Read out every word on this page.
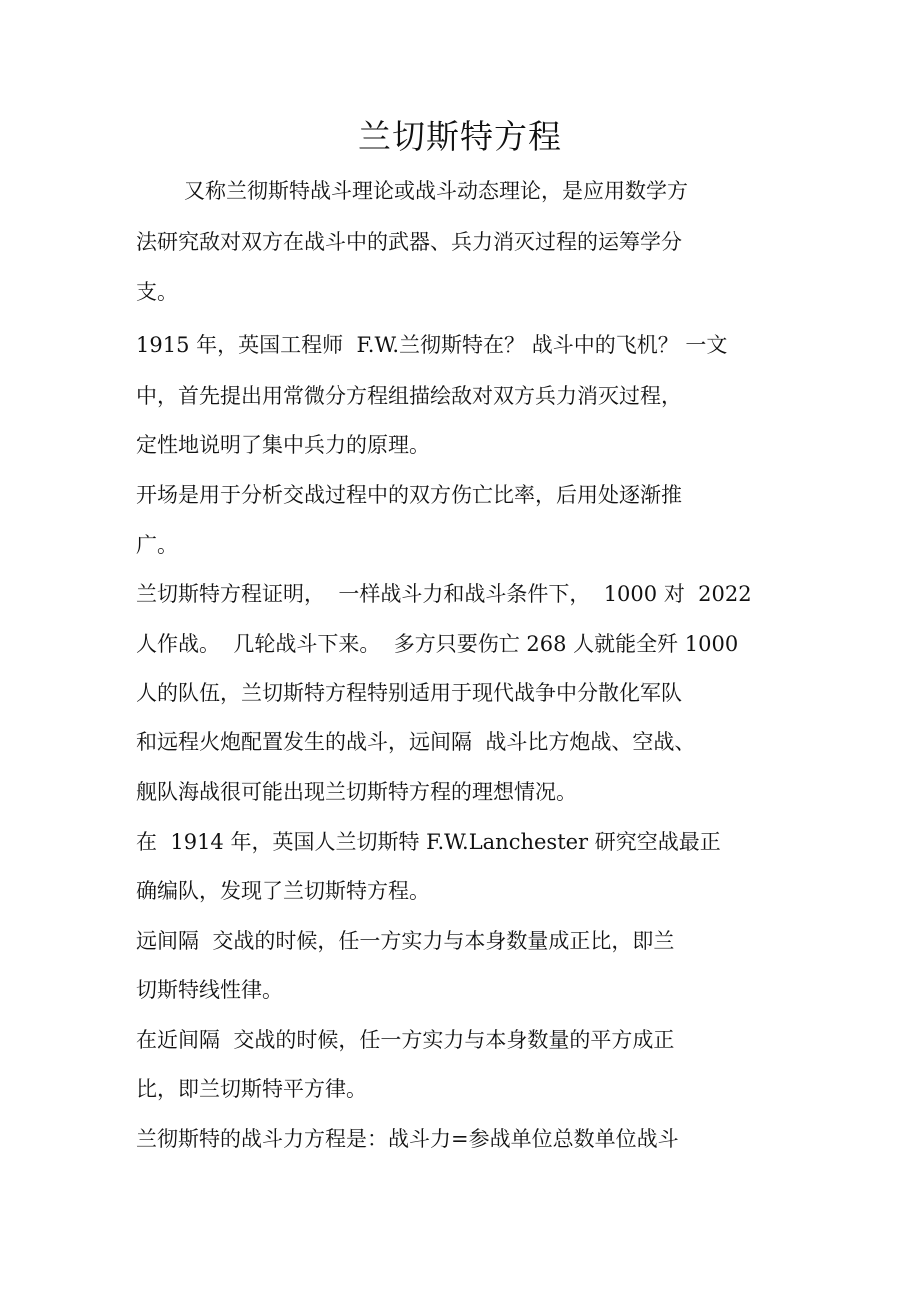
兰切斯特方程

又称兰彻斯特战斗理论或战斗动态理论，是应用数学方

法研究敌对双方在战斗中的武器、兵力消灭过程的运筹学分

支。

1915 年，英国工程师  F.W.兰彻斯特在？ 战斗中的飞机？ 一文

中，首先提出用常微分方程组描绘敌对双方兵力消灭过程，

定性地说明了集中兵力的原理。

开场是用于分析交战过程中的双方伤亡比率，后用处逐渐推

广。

兰切斯特方程证明，  一样战斗力和战斗条件下，  1000 对  2022

人作战。  几轮战斗下来。  多方只要伤亡 268 人就能全歼 1000

人的队伍，兰切斯特方程特别适用于现代战争中分散化军队

和远程火炮配置发生的战斗，远间隔  战斗比方炮战、空战、

舰队海战很可能出现兰切斯特方程的理想情况。

在  1914 年，英国人兰切斯特 F.W.Lanchester 研究空战最正

确编队，发现了兰切斯特方程。

远间隔  交战的时候，任一方实力与本身数量成正比，即兰

切斯特线性律。

在近间隔  交战的时候，任一方实力与本身数量的平方成正

比，即兰切斯特平方律。

兰彻斯特的战斗力方程是：战斗力=参战单位总数单位战斗
